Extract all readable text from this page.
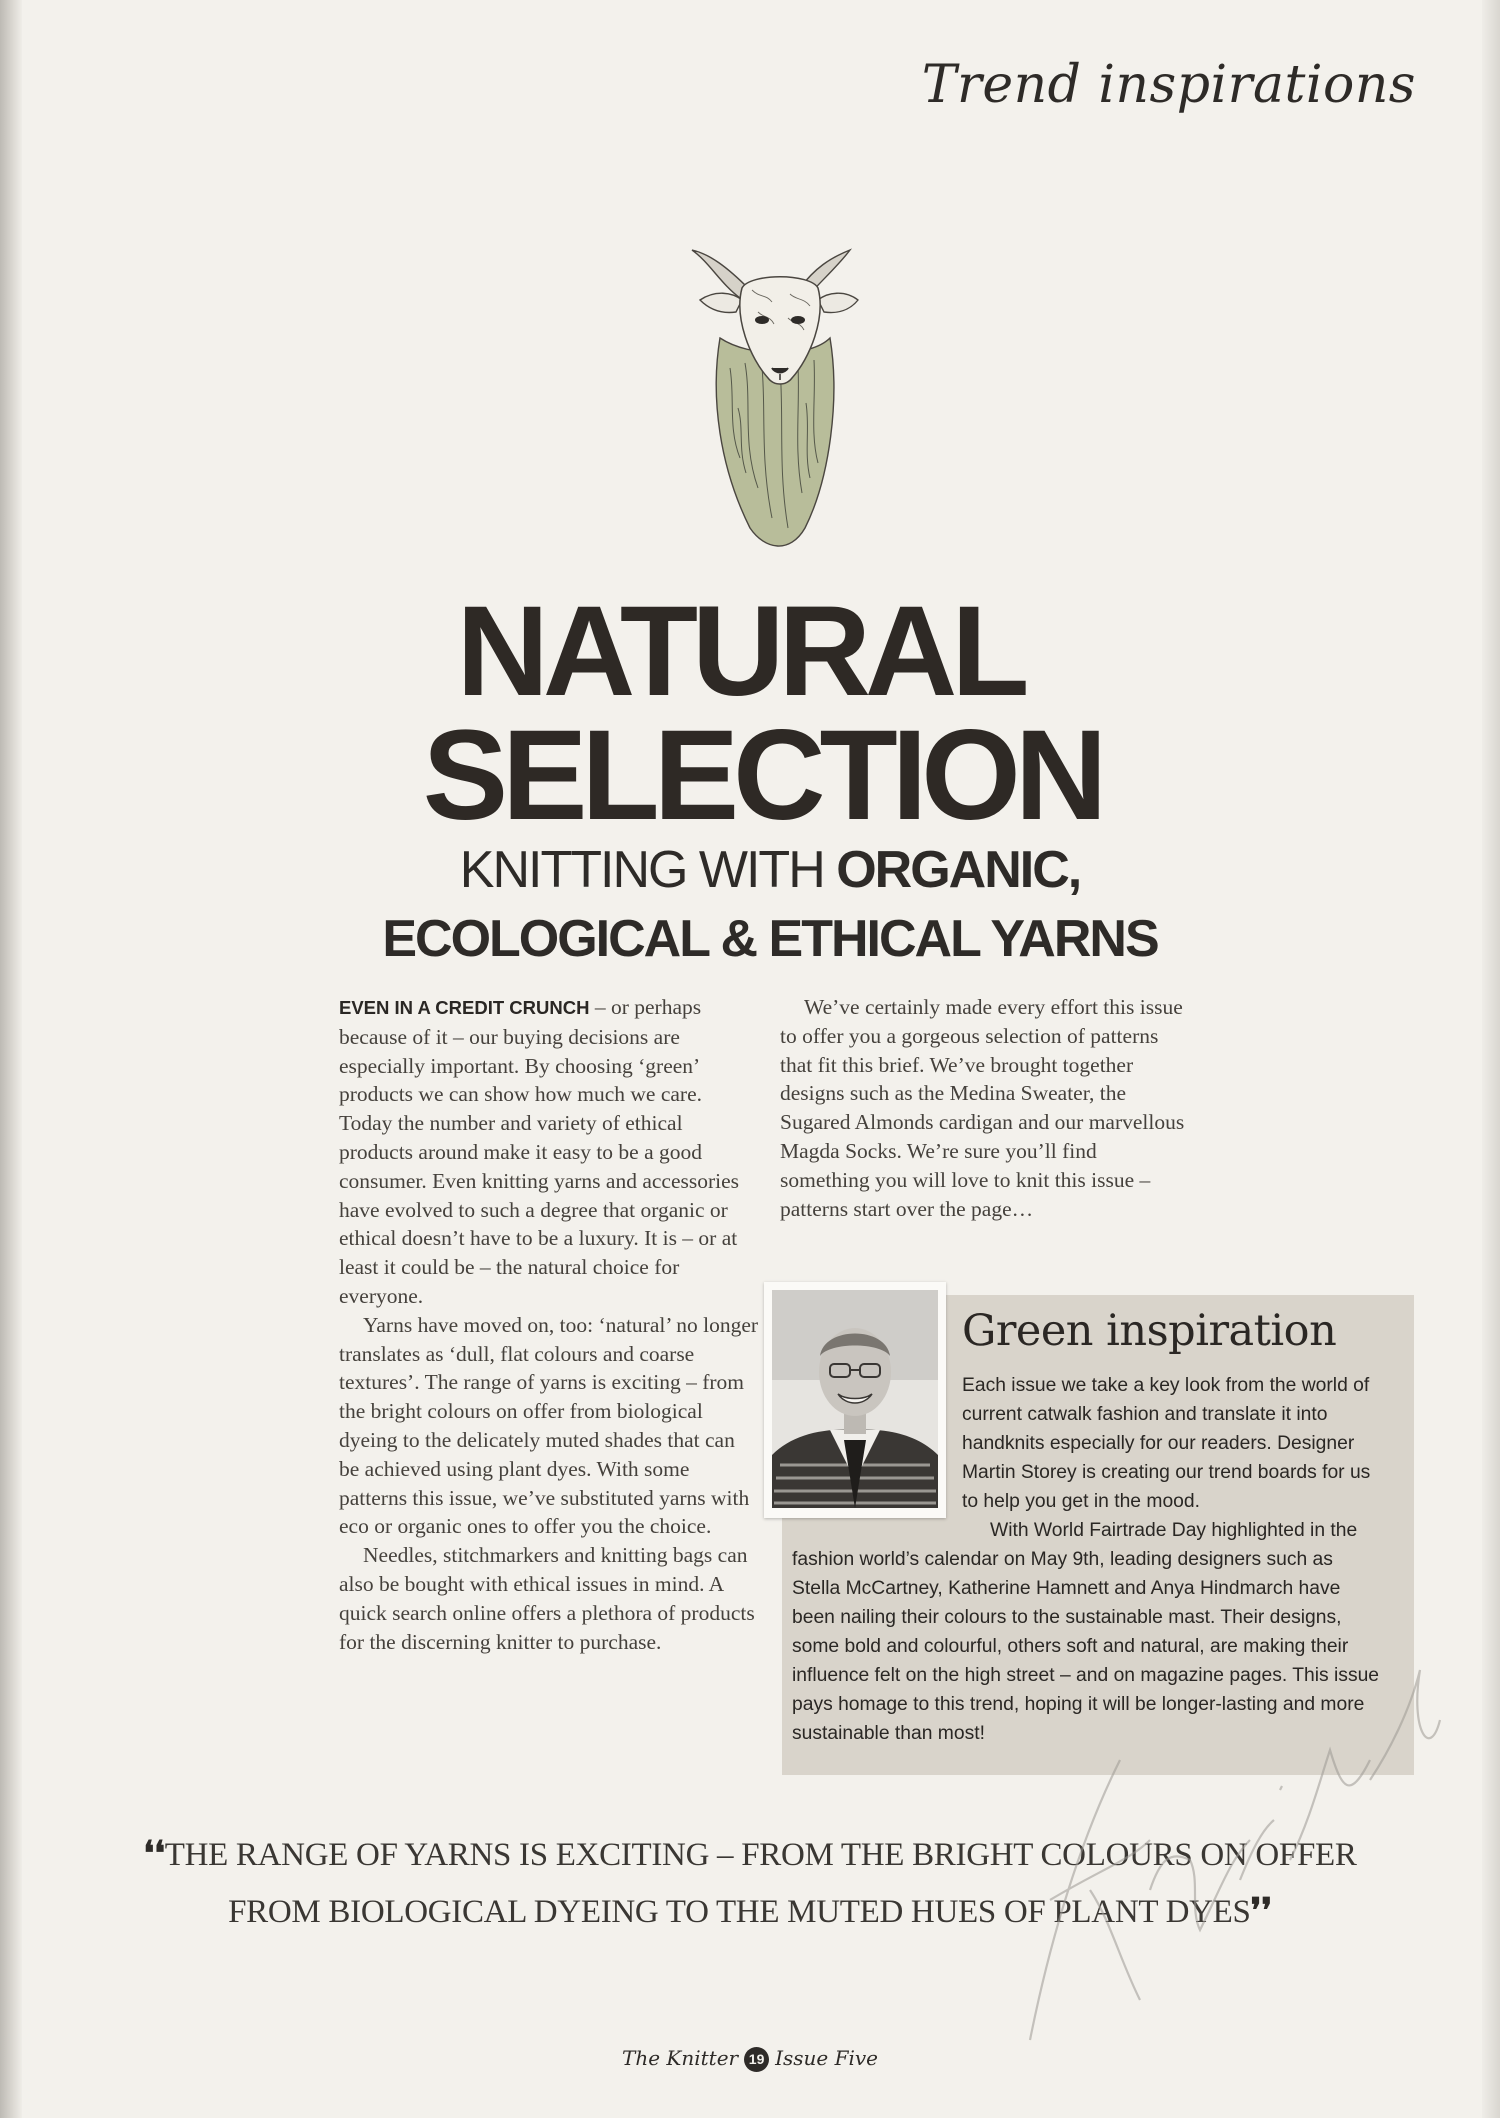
Trend inspirations
NATURAL
SELECTION
KNITTING WITH ORGANIC,
ECOLOGICAL & ETHICAL YARNS

EVEN IN A CREDIT CRUNCH – or perhaps because of it – our buying decisions are especially important. By choosing ‘green’ products we can show how much we care. Today the number and variety of ethical products around make it easy to be a good consumer. Even knitting yarns and accessories have evolved to such a degree that organic or ethical doesn’t have to be a luxury. It is – or at least it could be – the natural choice for everyone.

Yarns have moved on, too: ‘natural’ no longer translates as ‘dull, flat colours and coarse textures’. The range of yarns is exciting – from the bright colours on offer from biological dyeing to the delicately muted shades that can be achieved using plant dyes. With some patterns this issue, we’ve substituted yarns with eco or organic ones to offer you the choice.

Needles, stitchmarkers and knitting bags can also be bought with ethical issues in mind. A quick search online offers a plethora of products for the discerning knitter to purchase.

We’ve certainly made every effort this issue to offer you a gorgeous selection of patterns that fit this brief. We’ve brought together designs such as the Medina Sweater, the Sugared Almonds cardigan and our marvellous Magda Socks. We’re sure you’ll find something you will love to knit this issue – patterns start over the page…

Green inspiration
Each issue we take a key look from the world of current catwalk fashion and translate it into handknits especially for our readers. Designer Martin Storey is creating our trend boards for us to help you get in the mood.
With World Fairtrade Day highlighted in the fashion world’s calendar on May 9th, leading designers such as Stella McCartney, Katherine Hamnett and Anya Hindmarch have been nailing their colours to the sustainable mast. Their designs, some bold and colourful, others soft and natural, are making their influence felt on the high street – and on magazine pages. This issue pays homage to this trend, hoping it will be longer-lasting and more sustainable than most!
❛❛THE RANGE OF YARNS IS EXCITING – FROM THE BRIGHT COLOURS ON OFFER FROM BIOLOGICAL DYEING TO THE MUTED HUES OF PLANT DYES❜❜
The Knitter 19 Issue Five
